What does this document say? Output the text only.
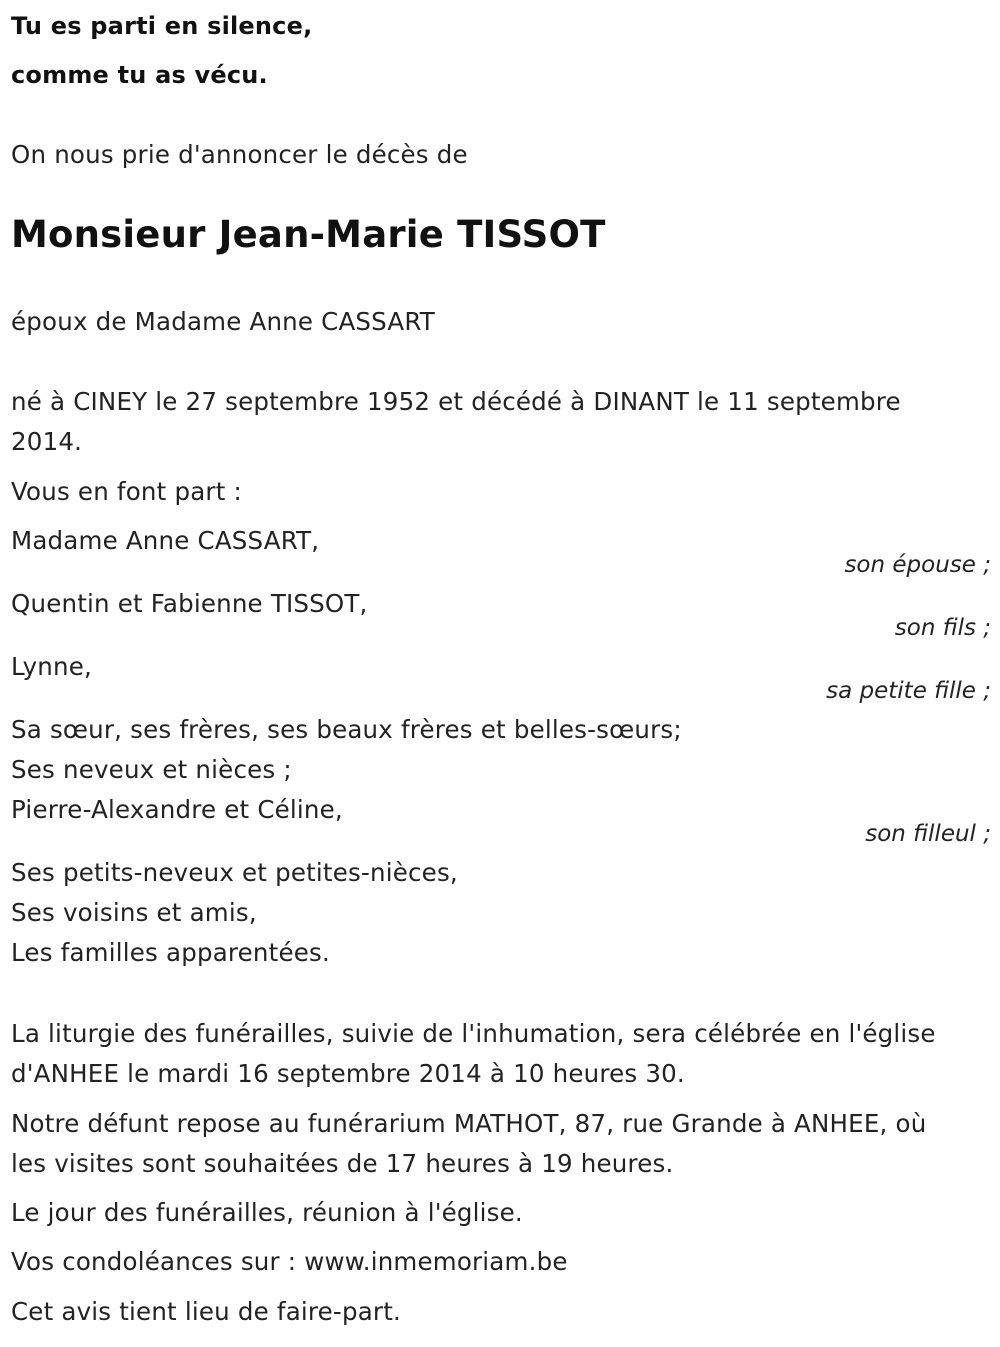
Tu es parti en silence,
comme tu as vécu.
On nous prie d'annoncer le décès de
Monsieur Jean-Marie TISSOT
époux de Madame Anne CASSART
né à CINEY le 27 septembre 1952 et décédé à DINANT le 11 septembre
2014.
Vous en font part :
Madame Anne CASSART,
son épouse ;
Quentin et Fabienne TISSOT,
son fils ;
Lynne,
sa petite fille ;
Sa sœur, ses frères, ses beaux frères et belles-sœurs;
Ses neveux et nièces ;
Pierre-Alexandre et Céline,
son filleul ;
Ses petits-neveux et petites-nièces,
Ses voisins et amis,
Les familles apparentées.
La liturgie des funérailles, suivie de l'inhumation, sera célébrée en l'église
d'ANHEE le mardi 16 septembre 2014 à 10 heures 30.
Notre défunt repose au funérarium MATHOT, 87, rue Grande à ANHEE, où
les visites sont souhaitées de 17 heures à 19 heures.
Le jour des funérailles, réunion à l'église.
Vos condoléances sur : www.inmemoriam.be
Cet avis tient lieu de faire-part.
